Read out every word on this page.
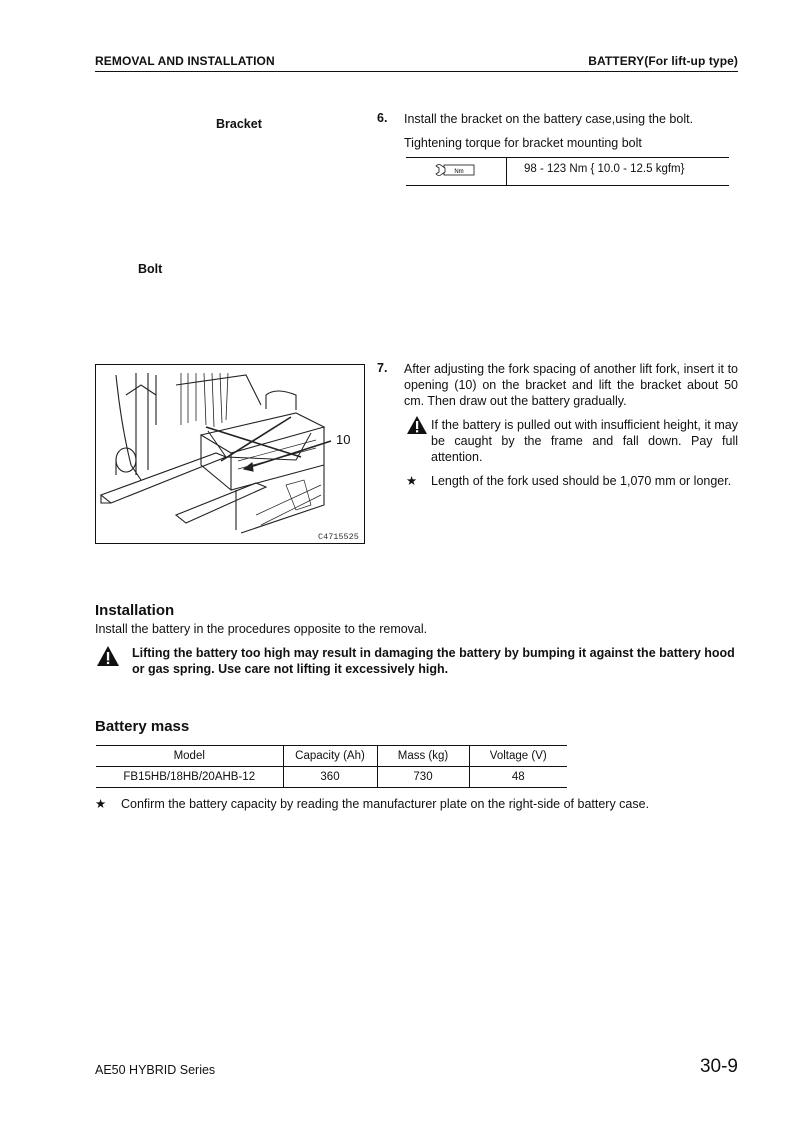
REMOVAL AND INSTALLATION	BATTERY(For lift-up type)
Bracket
Bolt
6. Install the bracket on the battery case,using the bolt.
Tightening torque for bracket mounting bolt
Nm	98 - 123 Nm { 10.0 - 12.5 kgfm}
10
C4715525
7. After adjusting the fork spacing of another lift fork, insert it to opening (10) on the bracket and lift the bracket about 50 cm. Then draw out the battery gradually.
If the battery is pulled out with insufficient height, it may be caught by the frame and fall down. Pay full attention.
★ Length of the fork used should be 1,070 mm or longer.
Installation
Install the battery in the procedures opposite to the removal.
Lifting the battery too high may result in damaging the battery by bumping it against the battery hood or gas spring. Use care not lifting it excessively high.
Battery mass
Model	Capacity (Ah)	Mass (kg)	Voltage (V)
FB15HB/18HB/20AHB-12	360	730	48
★ Confirm the battery capacity by reading the manufacturer plate on the right-side of battery case.
AE50 HYBRID Series	30-9
